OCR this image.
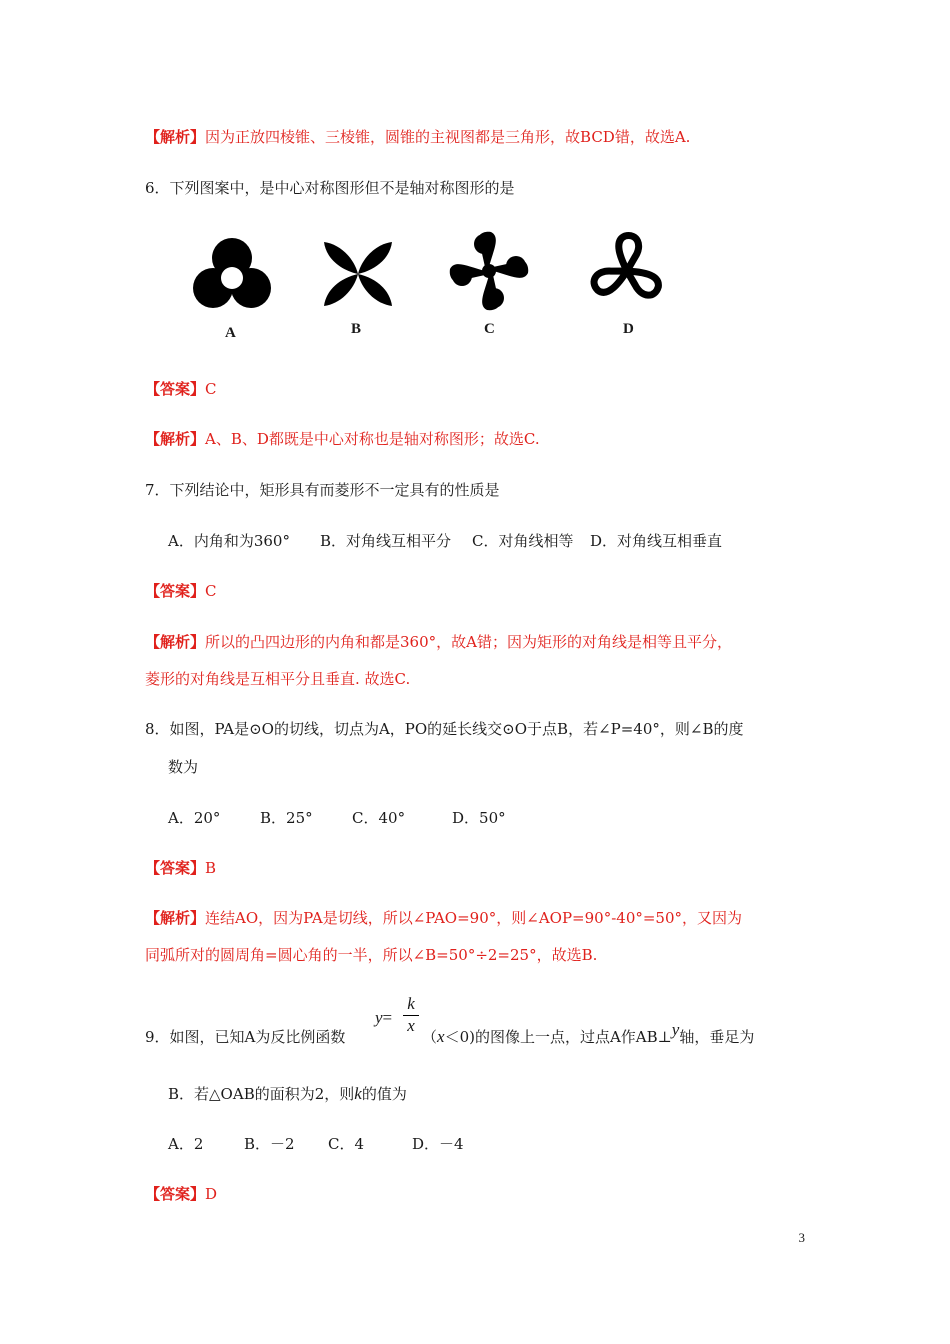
【解析】因为正放四棱锥、三棱锥，圆锥的主视图都是三角形，故BCD错，故选A.
6．下列图案中，是中心对称图形但不是轴对称图形的是
A	B	C	D
【答案】C
【解析】A、B、D都既是中心对称也是轴对称图形；故选C.
7．下列结论中，矩形具有而菱形不一定具有的性质是
A．内角和为360° B．对角线互相平分 C．对角线相等 D．对角线互相垂直
【答案】C
【解析】所以的凸四边形的内角和都是360°，故A错；因为矩形的对角线是相等且平分，
菱形的对角线是互相平分且垂直. 故选C.
8．如图，PA是⊙O的切线，切点为A，PO的延长线交⊙O于点B，若∠P=40°，则∠B的度
数为
A．20°	B．25°	C．40°	D．50°
【答案】B
【解析】连结AO，因为PA是切线，所以∠PAO=90°，则∠AOP=90°-40°=50°，又因为
同弧所对的圆周角=圆心角的一半，所以∠B=50°÷2=25°，故选B.
9．如图，已知A为反比例函数
$y= \frac{k}{x}$
（x＜0)的图像上一点，过点A作AB⊥y轴，垂足为
B．若△OAB的面积为2，则k的值为
A．2	B．－2 C．4	D．－4
【答案】D
3
